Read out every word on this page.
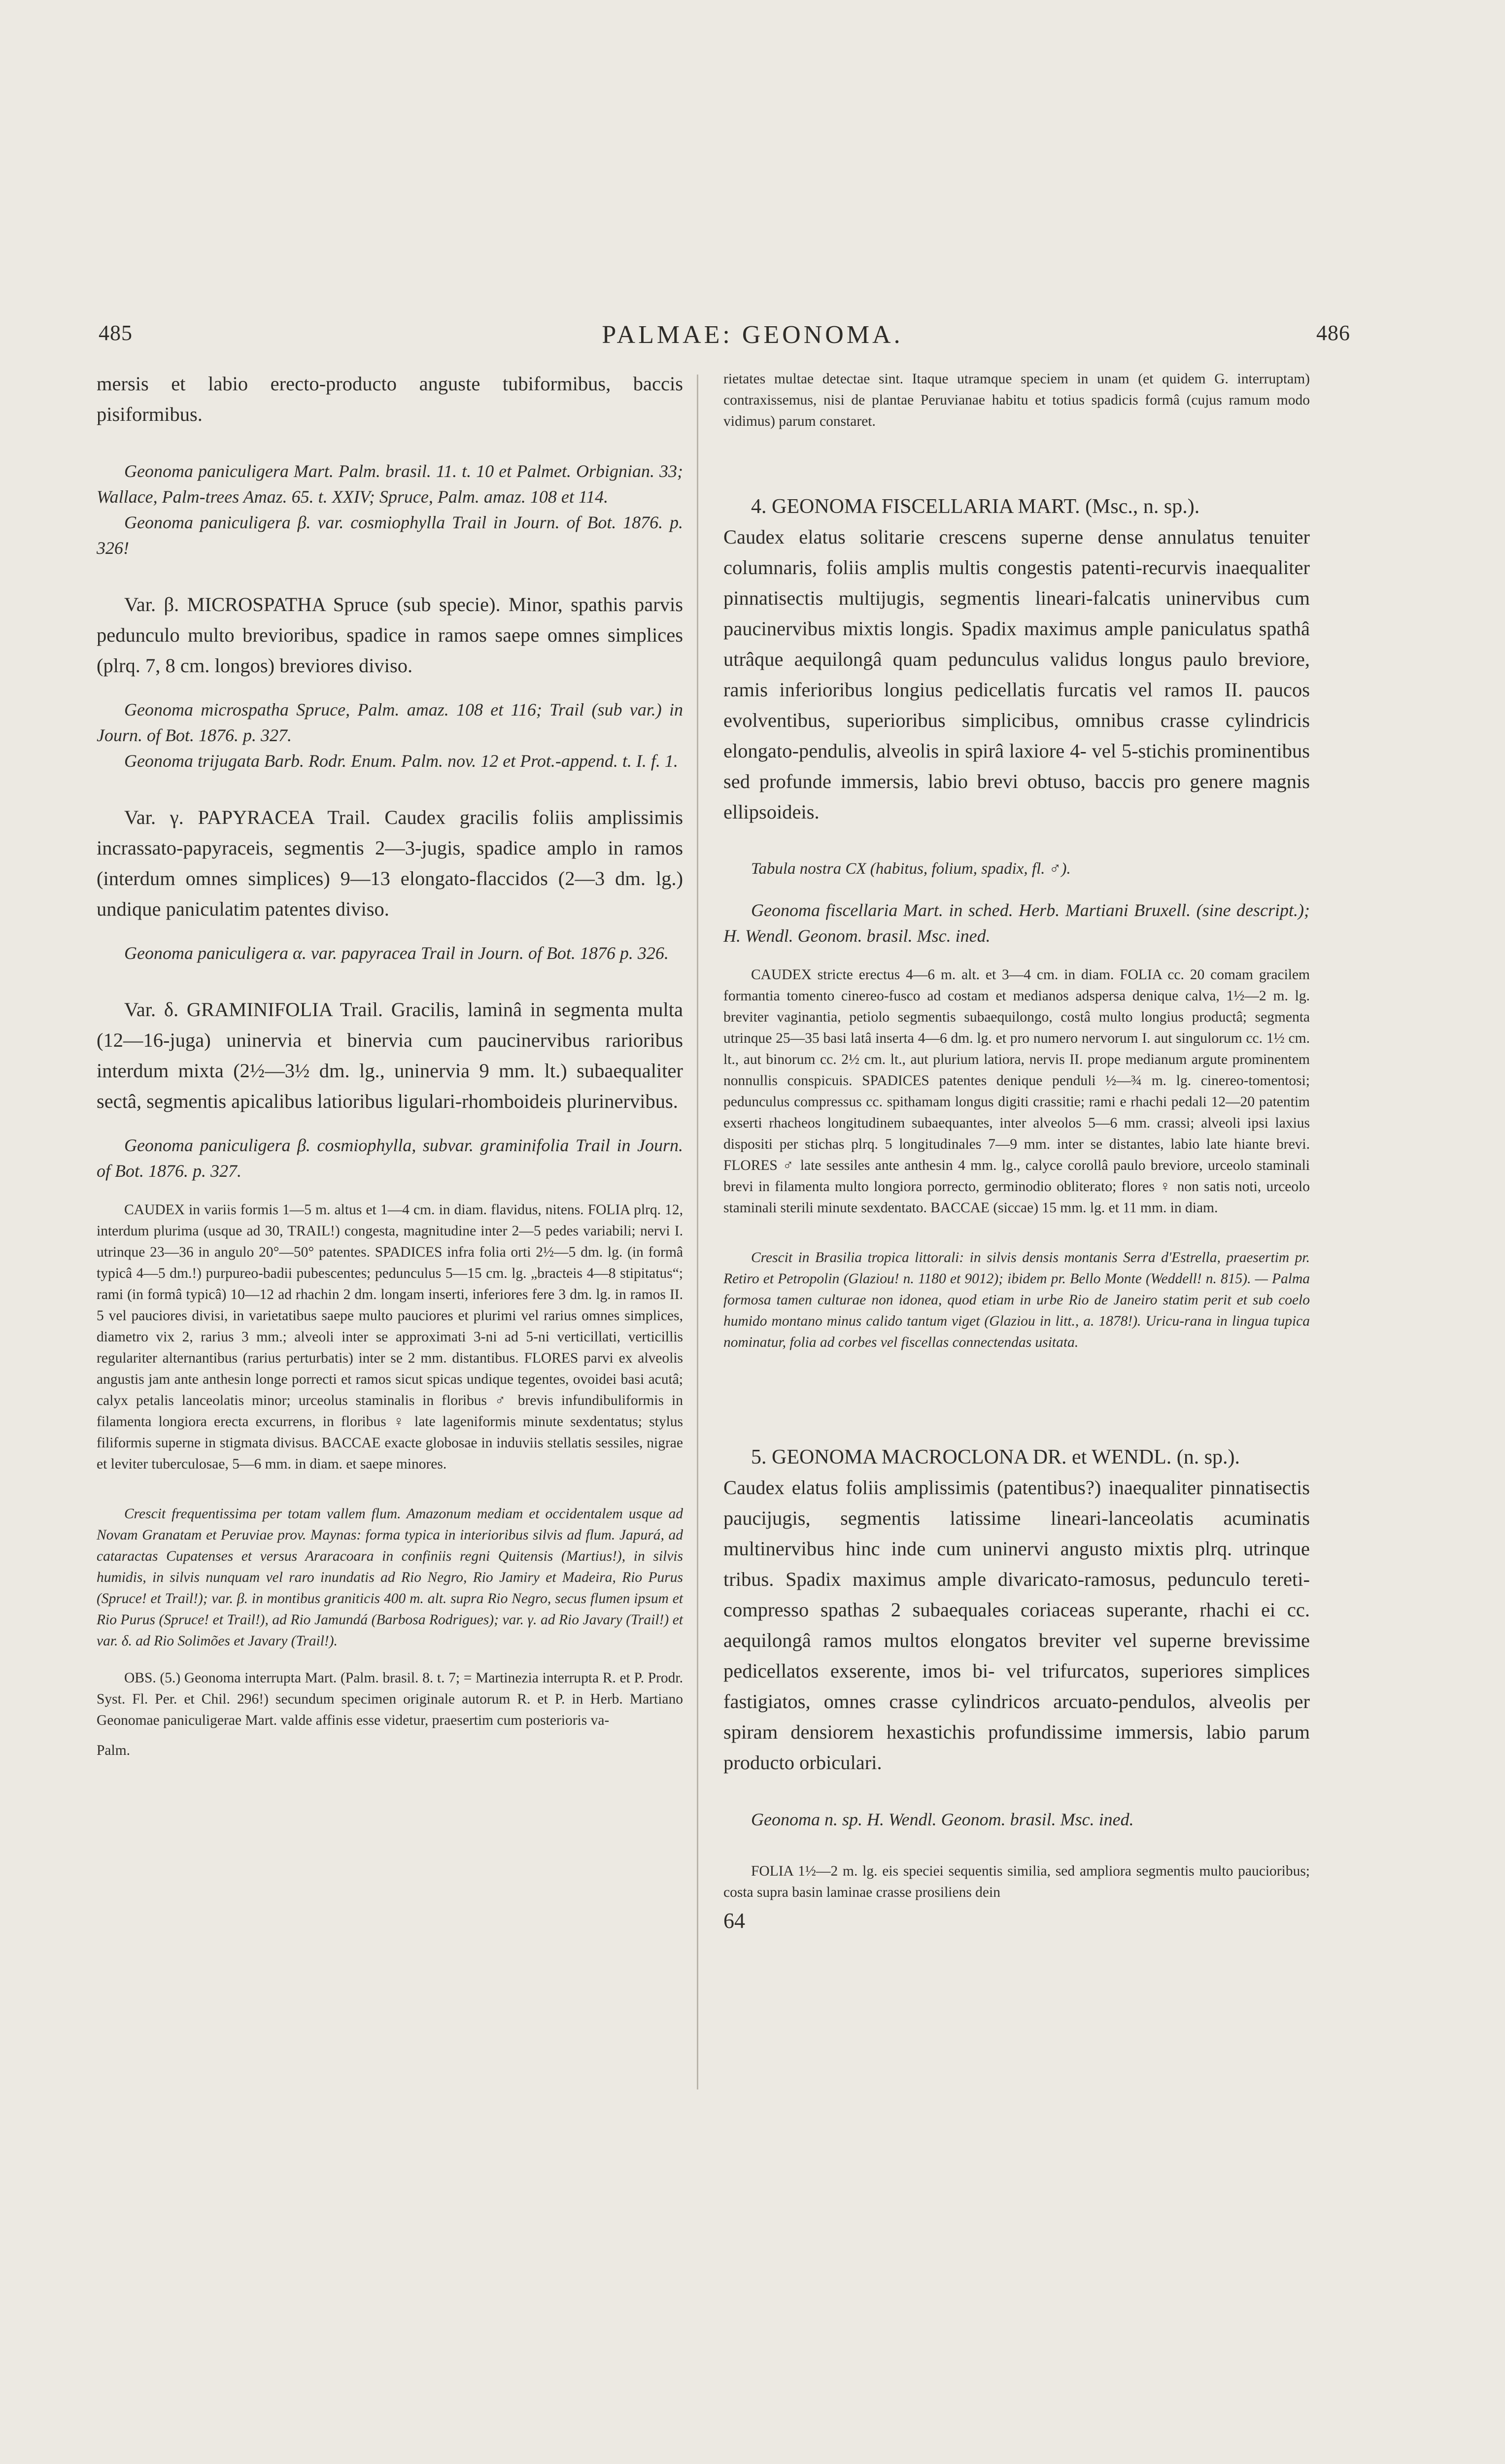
485	PALMAE: GEONOMA.	486

mersis et labio erecto-producto anguste tubiformibus, baccis pisiformibus.

Geonoma paniculigera Mart. Palm. brasil. 11. t. 10 et Palmet. Orbignian. 33; Wallace, Palm-trees Amaz. 65. t. XXIV; Spruce, Palm. amaz. 108 et 114.

Geonoma paniculigera β. var. cosmiophylla Trail in Journ. of Bot. 1876. p. 326!

Var. β. MICROSPATHA Spruce (sub specie). Minor, spathis parvis pedunculo multo brevioribus, spadice in ramos saepe omnes simplices (plrq. 7, 8 cm. longos) breviores diviso.

Geonoma microspatha Spruce, Palm. amaz. 108 et 116; Trail (sub var.) in Journ. of Bot. 1876. p. 327.

Geonoma trijugata Barb. Rodr. Enum. Palm. nov. 12 et Prot.-append. t. I. f. 1.

Var. γ. PAPYRACEA Trail. Caudex gracilis foliis amplissimis incrassato-papyraceis, segmentis 2—3-jugis, spadice amplo in ramos (interdum omnes simplices) 9—13 elongato-flaccidos (2—3 dm. lg.) undique paniculatim patentes diviso.

Geonoma paniculigera α. var. papyracea Trail in Journ. of Bot. 1876 p. 326.

Var. δ. GRAMINIFOLIA Trail. Gracilis, laminâ in segmenta multa (12—16-juga) uninervia et binervia cum paucinervibus rarioribus interdum mixta (2½—3½ dm. lg., uninervia 9 mm. lt.) subaequaliter sectâ, segmentis apicalibus latioribus ligulari-rhomboideis plurinervibus.

Geonoma paniculigera β. cosmiophylla, subvar. graminifolia Trail in Journ. of Bot. 1876. p. 327.

CAUDEX in variis formis 1—5 m. altus et 1—4 cm. in diam. flavidus, nitens. FOLIA plrq. 12, interdum plurima (usque ad 30, TRAIL!) congesta, magnitudine inter 2—5 pedes variabili; nervi I. utrinque 23—36 in angulo 20°—50° patentes. SPADICES infra folia orti 2½—5 dm. lg. (in formâ typicâ 4—5 dm.!) purpureo-badii pubescentes; pedunculus 5—15 cm. lg. „bracteis 4—8 stipitatus“; rami (in formâ typicâ) 10—12 ad rhachin 2 dm. longam inserti, inferiores fere 3 dm. lg. in ramos II. 5 vel pauciores divisi, in varietatibus saepe multo pauciores et plurimi vel rarius omnes simplices, diametro vix 2, rarius 3 mm.; alveoli inter se approximati 3-ni ad 5-ni verticillati, verticillis regulariter alternantibus (rarius perturbatis) inter se 2 mm. distantibus. FLORES parvi ex alveolis angustis jam ante anthesin longe porrecti et ramos sicut spicas undique tegentes, ovoidei basi acutâ; calyx petalis lanceolatis minor; urceolus staminalis in floribus ♂ brevis infundibuliformis in filamenta longiora erecta excurrens, in floribus ♀ late lageniformis minute sexdentatus; stylus filiformis superne in stigmata divisus. BACCAE exacte globosae in induviis stellatis sessiles, nigrae et leviter tuberculosae, 5—6 mm. in diam. et saepe minores.

Crescit frequentissima per totam vallem flum. Amazonum mediam et occidentalem usque ad Novam Granatam et Peruviae prov. Maynas: forma typica in interioribus silvis ad flum. Japurá, ad cataractas Cupatenses et versus Araracoara in confiniis regni Quitensis (Martius!), in silvis humidis, in silvis nunquam vel raro inundatis ad Rio Negro, Rio Jamiry et Madeira, Rio Purus (Spruce! et Trail!); var. β. in montibus graniticis 400 m. alt. supra Rio Negro, secus flumen ipsum et Rio Purus (Spruce! et Trail!), ad Rio Jamundá (Barbosa Rodrigues); var. γ. ad Rio Javary (Trail!) et var. δ. ad Rio Solimões et Javary (Trail!).

OBS. (5.) Geonoma interrupta Mart. (Palm. brasil. 8. t. 7; = Martinezia interrupta R. et P. Prodr. Syst. Fl. Per. et Chil. 296!) secundum specimen originale autorum R. et P. in Herb. Martiano Geonomae paniculigerae Mart. valde affinis esse videtur, praesertim cum posterioris va-

Palm.

rietates multae detectae sint. Itaque utramque speciem in unam (et quidem G. interruptam) contraxissemus, nisi de plantae Peruvianae habitu et totius spadicis formâ (cujus ramum modo vidimus) parum constaret.

4. GEONOMA FISCELLARIA MART. (Msc., n. sp.).

Caudex elatus solitarie crescens superne dense annulatus tenuiter columnaris, foliis amplis multis congestis patenti-recurvis inaequaliter pinnatisectis multijugis, segmentis lineari-falcatis uninervibus cum paucinervibus mixtis longis. Spadix maximus ample paniculatus spathâ utrâque aequilongâ quam pedunculus validus longus paulo breviore, ramis inferioribus longius pedicellatis furcatis vel ramos II. paucos evolventibus, superioribus simplicibus, omnibus crasse cylindricis elongato-pendulis, alveolis in spirâ laxiore 4- vel 5-stichis prominentibus sed profunde immersis, labio brevi obtuso, baccis pro genere magnis ellipsoideis.

Tabula nostra CX (habitus, folium, spadix, fl. ♂).

Geonoma fiscellaria Mart. in sched. Herb. Martiani Bruxell. (sine descript.); H. Wendl. Geonom. brasil. Msc. ined.

CAUDEX stricte erectus 4—6 m. alt. et 3—4 cm. in diam. FOLIA cc. 20 comam gracilem formantia tomento cinereo-fusco ad costam et medianos adspersa denique calva, 1½—2 m. lg. breviter vaginantia, petiolo segmentis subaequilongo, costâ multo longius productâ; segmenta utrinque 25—35 basi latâ inserta 4—6 dm. lg. et pro numero nervorum I. aut singulorum cc. 1½ cm. lt., aut binorum cc. 2½ cm. lt., aut plurium latiora, nervis II. prope medianum argute prominentem nonnullis conspicuis. SPADICES patentes denique penduli ½—¾ m. lg. cinereo-tomentosi; pedunculus compressus cc. spithamam longus digiti crassitie; rami e rhachi pedali 12—20 patentim exserti rhacheos longitudinem subaequantes, inter alveolos 5—6 mm. crassi; alveoli ipsi laxius dispositi per stichas plrq. 5 longitudinales 7—9 mm. inter se distantes, labio late hiante brevi. FLORES ♂ late sessiles ante anthesin 4 mm. lg., calyce corollâ paulo breviore, urceolo staminali brevi in filamenta multo longiora porrecto, germinodio obliterato; flores ♀ non satis noti, urceolo staminali sterili minute sexdentato. BACCAE (siccae) 15 mm. lg. et 11 mm. in diam.

Crescit in Brasilia tropica littorali: in silvis densis montanis Serra d'Estrella, praesertim pr. Retiro et Petropolin (Glaziou! n. 1180 et 9012); ibidem pr. Bello Monte (Weddell! n. 815). — Palma formosa tamen culturae non idonea, quod etiam in urbe Rio de Janeiro statim perit et sub coelo humido montano minus calido tantum viget (Glaziou in litt., a. 1878!). Uricu-rana in lingua tupica nominatur, folia ad corbes vel fiscellas connectendas usitata.

5. GEONOMA MACROCLONA DR. et WENDL. (n. sp.).

Caudex elatus foliis amplissimis (patentibus?) inaequaliter pinnatisectis paucijugis, segmentis latissime lineari-lanceolatis acuminatis multinervibus hinc inde cum uninervi angusto mixtis plrq. utrinque tribus. Spadix maximus ample divaricato-ramosus, pedunculo tereti-compresso spathas 2 subaequales coriaceas superante, rhachi ei cc. aequilongâ ramos multos elongatos breviter vel superne brevissime pedicellatos exserente, imos bi- vel trifurcatos, superiores simplices fastigiatos, omnes crasse cylindricos arcuato-pendulos, alveolis per spiram densiorem hexastichis profundissime immersis, labio parum producto orbiculari.

Geonoma n. sp. H. Wendl. Geonom. brasil. Msc. ined.

FOLIA 1½—2 m. lg. eis speciei sequentis similia, sed ampliora segmentis multo paucioribus; costa supra basin laminae crasse prosiliens dein

64
